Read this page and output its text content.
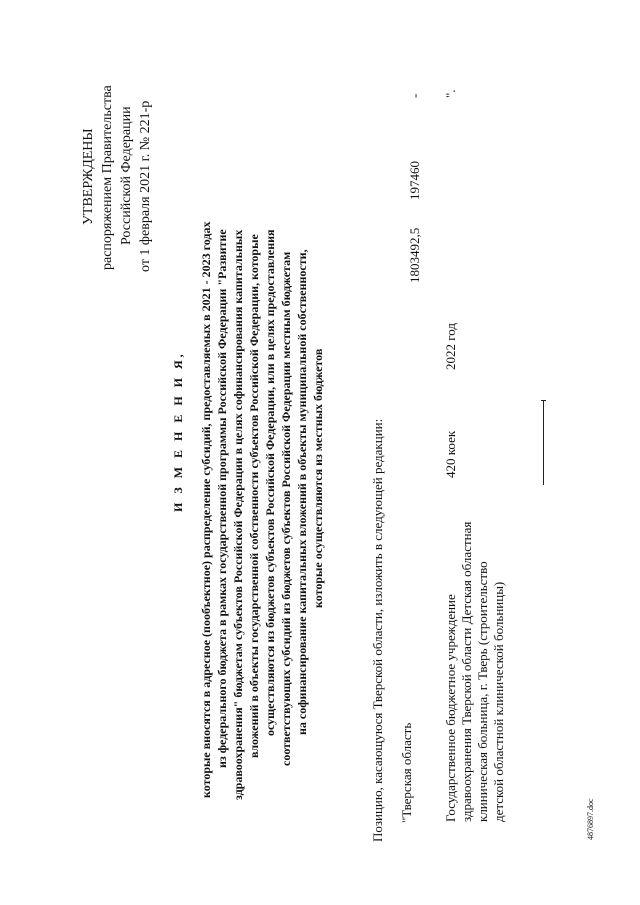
УТВЕРЖДЕНЫ распоряжением Правительства Российской Федерации от 1 февраля 2021 г. № 221-р
И З М Е Н Е Н И Я, которые вносятся в адресное (пообъектное) распределение субсидий, предоставляемых в 2021 - 2023 годах из федерального бюджета в рамках государственной программы Российской Федерации "Развитие здравоохранения" бюджетам субъектов Российской Федерации в целях софинансирования капитальных вложений в объекты государственной собственности субъектов Российской Федерации, которые осуществляются из бюджетов субъектов Российской Федерации, или в целях предоставления соответствующих субсидий из бюджетов субъектов Российской Федерации местным бюджетам на софинансирование капитальных вложений в объекты муниципальной собственности, которые осуществляются из местных бюджетов	Позицию, касающуюся Тверской области, изложить в следующей редакции: "Тверская область
1803492,5
197460
-
Государственное бюджетное учреждение здравоохранения Тверской области Детская областная клиническая больница, г. Тверь (строительство детской областной клинической больницы)
420 коек
2022 год
".
4876897.doc
